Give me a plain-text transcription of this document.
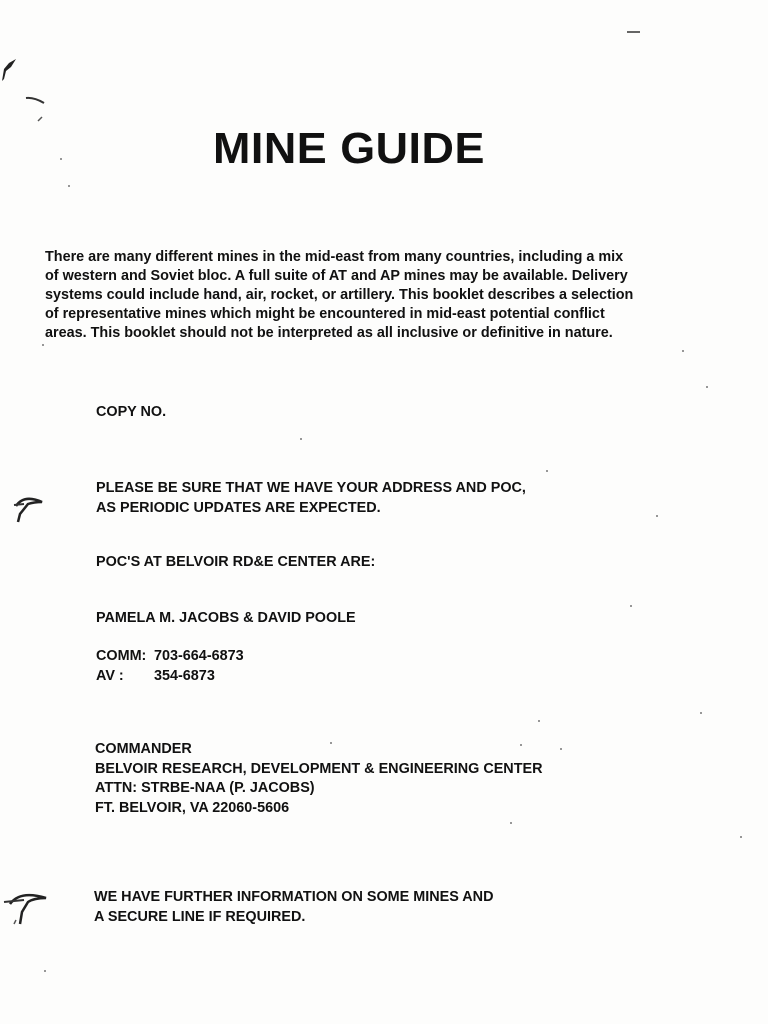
MINE GUIDE
There are many different mines in the mid-east from many countries, including a mix
of western and Soviet bloc. A full suite of AT and AP mines may be available. Delivery
systems could include hand, air, rocket, or artillery. This booklet describes a selection
of representative mines which might be encountered in mid-east potential conflict
areas. This booklet should not be interpreted as all inclusive or definitive in nature.
COPY NO.
PLEASE BE SURE THAT WE HAVE YOUR ADDRESS AND POC,
AS PERIODIC UPDATES ARE EXPECTED.
POC'S AT BELVOIR RD&E CENTER ARE:
PAMELA M. JACOBS & DAVID POOLE
COMM: 703-664-6873
AV : 354-6873
COMMANDER
BELVOIR RESEARCH, DEVELOPMENT & ENGINEERING CENTER
ATTN: STRBE-NAA (P. JACOBS)
FT. BELVOIR, VA 22060-5606
WE HAVE FURTHER INFORMATION ON SOME MINES AND
A SECURE LINE IF REQUIRED.
